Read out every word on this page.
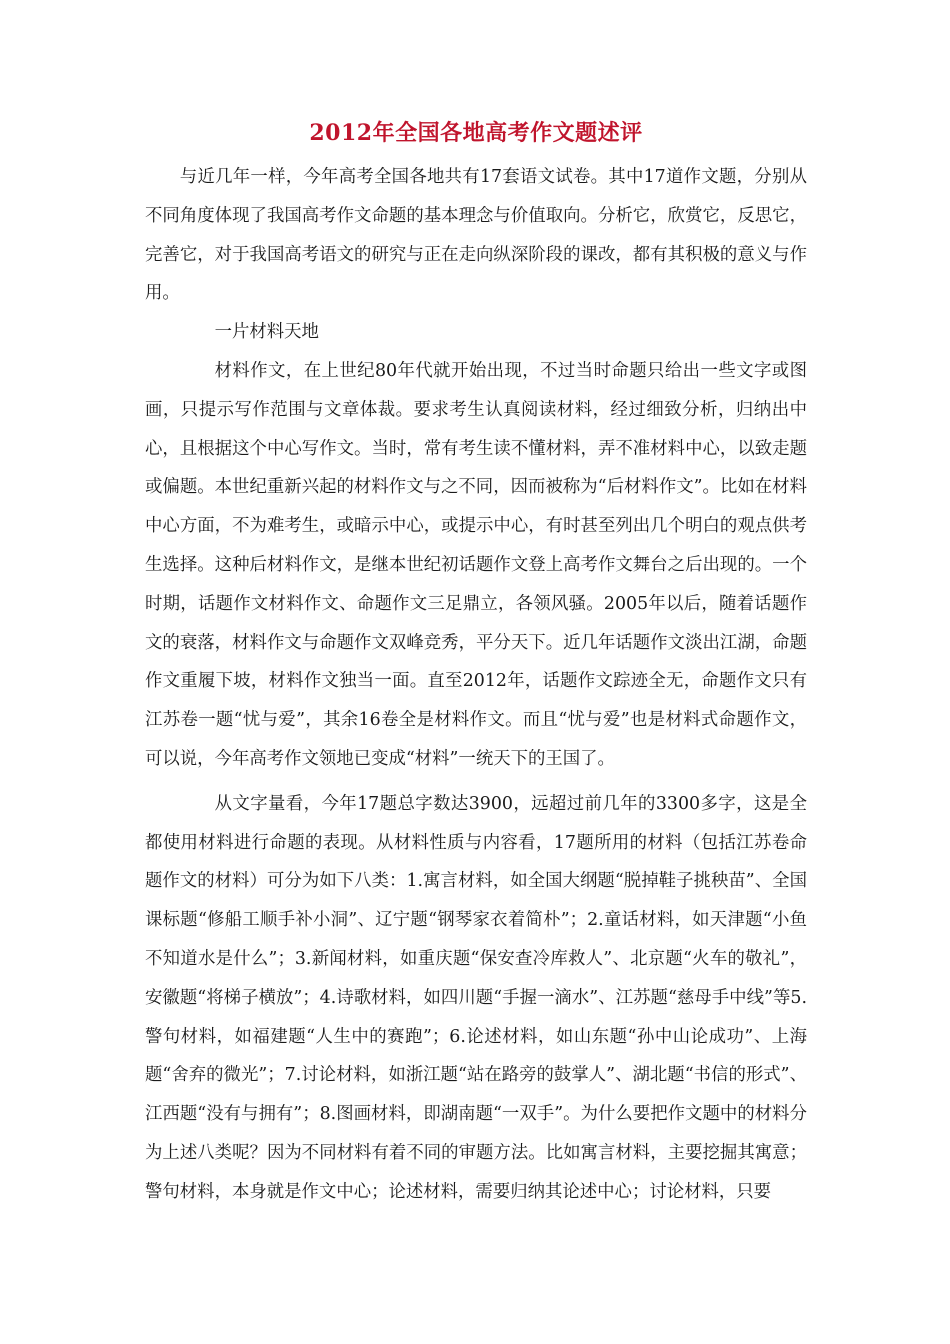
2012年全国各地高考作文题述评

与近几年一样，今年高考全国各地共有17套语文试卷。其中17道作文题，分别从不同角度体现了我国高考作文命题的基本理念与价值取向。分析它，欣赏它，反思它，完善它，对于我国高考语文的研究与正在走向纵深阶段的课改，都有其积极的意义与作用。

一片材料天地

材料作文，在上世纪80年代就开始出现，不过当时命题只给出一些文字或图画，只提示写作范围与文章体裁。要求考生认真阅读材料，经过细致分析，归纳出中心，且根据这个中心写作文。当时，常有考生读不懂材料，弄不准材料中心，以致走题或偏题。本世纪重新兴起的材料作文与之不同，因而被称为“后材料作文”。比如在材料中心方面，不为难考生，或暗示中心，或提示中心，有时甚至列出几个明白的观点供考生选择。这种后材料作文，是继本世纪初话题作文登上高考作文舞台之后出现的。一个时期，话题作文材料作文、命题作文三足鼎立，各领风骚。2005年以后，随着话题作文的衰落，材料作文与命题作文双峰竞秀，平分天下。近几年话题作文淡出江湖，命题作文重履下坡，材料作文独当一面。直至2012年，话题作文踪迹全无，命题作文只有江苏卷一题“忧与爱”，其余16卷全是材料作文。而且“忧与爱”也是材料式命题作文，可以说，今年高考作文领地已变成“材料”一统天下的王国了。

从文字量看，今年17题总字数达3900，远超过前几年的3300多字，这是全都使用材料进行命题的表现。从材料性质与内容看，17题所用的材料（包括江苏卷命题作文的材料）可分为如下八类：1.寓言材料，如全国大纲题“脱掉鞋子挑秧苗”、全国课标题“修船工顺手补小洞”、辽宁题“钢琴家衣着简朴”；2.童话材料，如天津题“小鱼不知道水是什么”；3.新闻材料，如重庆题“保安查冷库救人”、北京题“火车的敬礼”，安徽题“将梯子横放”；4.诗歌材料，如四川题“手握一滴水”、江苏题“慈母手中线”等5.警句材料，如福建题“人生中的赛跑”；6.论述材料，如山东题“孙中山论成功”、上海题“舍弃的微光”；7.讨论材料，如浙江题“站在路旁的鼓掌人”、湖北题“书信的形式”、江西题“没有与拥有”；8.图画材料，即湖南题“一双手”。为什么要把作文题中的材料分为上述八类呢？因为不同材料有着不同的审题方法。比如寓言材料，主要挖掘其寓意；警句材料，本身就是作文中心；论述材料，需要归纳其论述中心；讨论材料，只要
